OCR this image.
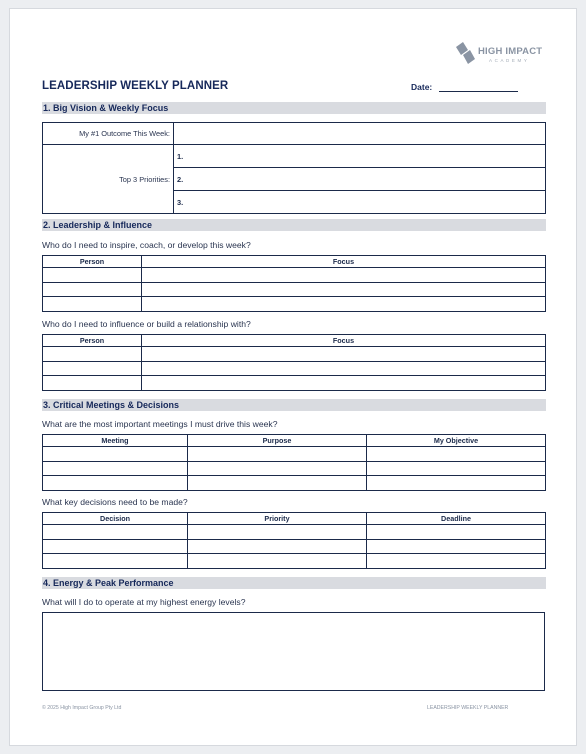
HIGH IMPACT
ACADEMY
LEADERSHIP WEEKLY PLANNER	Date:
1. Big Vision & Weekly Focus
My #1 Outcome This Week:	
Top 3 Priorities:	1.
	2.
	3.
2. Leadership & Influence
Who do I need to inspire, coach, or develop this week?
Person	Focus

Who do I need to influence or build a relationship with?
Person	Focus

3. Critical Meetings & Decisions
What are the most important meetings I must drive this week?
Meeting	Purpose	My Objective

What key decisions need to be made?
Decision	Priority	Deadline

4. Energy & Peak Performance
What will I do to operate at my highest energy levels?
© 2025 High Impact Group Pty Ltd	LEADERSHIP WEEKLY PLANNER
